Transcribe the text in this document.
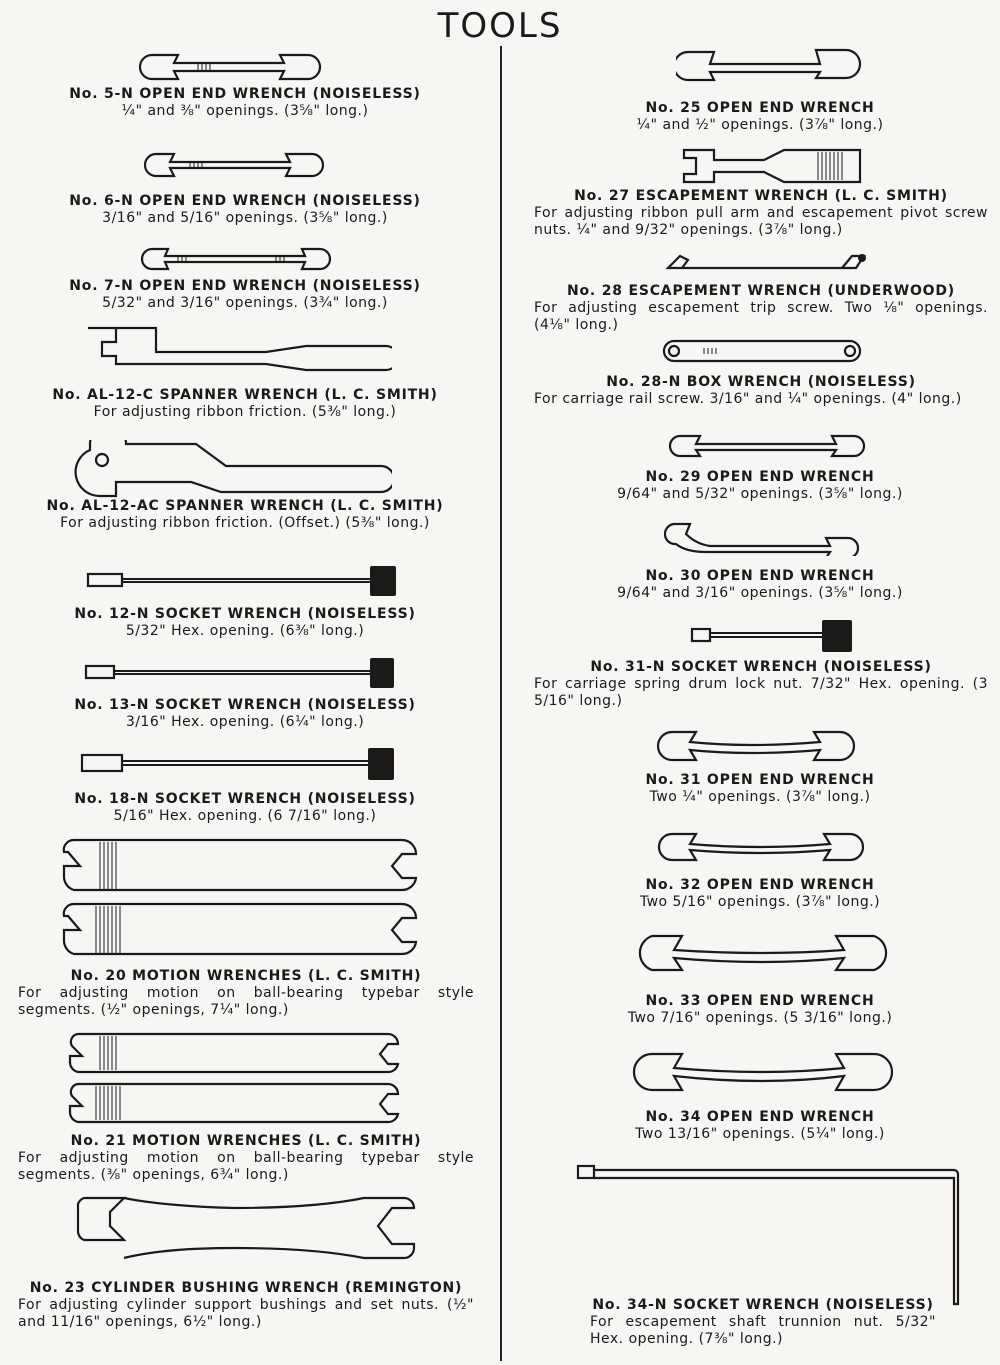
TOOLS
No. 5-N OPEN END WRENCH (NOISELESS)
¼" and ⅜" openings. (3⅝" long.)
No. 6-N OPEN END WRENCH (NOISELESS)
3/16" and 5/16" openings. (3⅝" long.)
No. 7-N OPEN END WRENCH (NOISELESS)
5/32" and 3/16" openings. (3¾" long.)
No. AL-12-C SPANNER WRENCH (L. C. SMITH)
For adjusting ribbon friction. (5⅜" long.)
No. AL-12-AC SPANNER WRENCH (L. C. SMITH)
For adjusting ribbon friction. (Offset.) (5⅜" long.)
No. 12-N SOCKET WRENCH (NOISELESS)
5/32" Hex. opening. (6⅜" long.)
No. 13-N SOCKET WRENCH (NOISELESS)
3/16" Hex. opening. (6¼" long.)
No. 18-N SOCKET WRENCH (NOISELESS)
5/16" Hex. opening. (6 7/16" long.)
No. 20 MOTION WRENCHES (L. C. SMITH)
For adjusting motion on ball-bearing typebar style segments. (½" openings, 7¼" long.)
No. 21 MOTION WRENCHES (L. C. SMITH)
For adjusting motion on ball-bearing typebar style segments. (⅜" openings, 6¾" long.)
No. 23 CYLINDER BUSHING WRENCH (REMINGTON)
For adjusting cylinder support bushings and set nuts. (½" and 11/16" openings, 6½" long.)
No. 25 OPEN END WRENCH
¼" and ½" openings. (3⅞" long.)
No. 27 ESCAPEMENT WRENCH (L. C. SMITH)
For adjusting ribbon pull arm and escapement pivot screw nuts. ¼" and 9/32" openings. (3⅞" long.)
No. 28 ESCAPEMENT WRENCH (UNDERWOOD)
For adjusting escapement trip screw. Two ⅛" openings. (4⅛" long.)
No. 28-N BOX WRENCH (NOISELESS)
For carriage rail screw. 3/16" and ¼" openings. (4" long.)
No. 29 OPEN END WRENCH
9/64" and 5/32" openings. (3⅝" long.)
No. 30 OPEN END WRENCH
9/64" and 3/16" openings. (3⅝" long.)
No. 31-N SOCKET WRENCH (NOISELESS)
For carriage spring drum lock nut. 7/32" Hex. opening. (3 5/16" long.)
No. 31 OPEN END WRENCH
Two ¼" openings. (3⅞" long.)
No. 32 OPEN END WRENCH
Two 5/16" openings. (3⅞" long.)
No. 33 OPEN END WRENCH
Two 7/16" openings. (5 3/16" long.)
No. 34 OPEN END WRENCH
Two 13/16" openings. (5¼" long.)
No. 34-N SOCKET WRENCH (NOISELESS)
For escapement shaft trunnion nut. 5/32" Hex. opening. (7⅜" long.)
